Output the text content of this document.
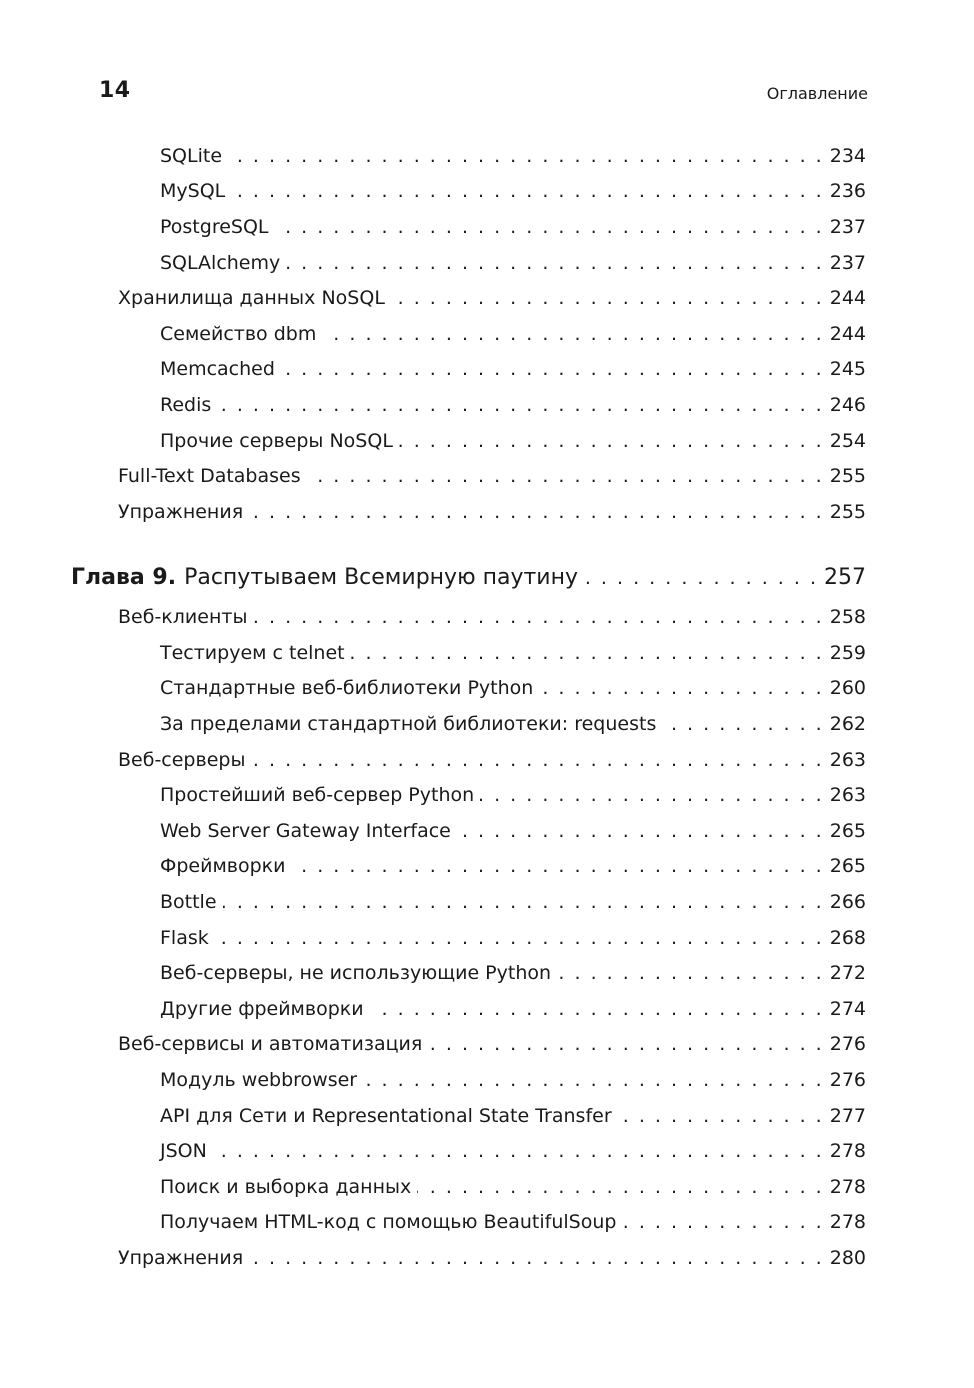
14	Оглавление
SQLite . . .	234
MySQL . . .	236
PostgreSQL . . .	237
SQLAlchemy . . .	237
Хранилища данных NoSQL . . .	244
Семейство dbm . . .	244
Memcached . . .	245
Redis . . .	246
Прочие серверы NoSQL . . .	254
Full-Text Databases . . .	255
Упражнения . . .	255
Глава 9. Распутываем Всемирную паутину . . .	257
Веб-клиенты . . .	258
Тестируем с telnet . . .	259
Стандартные веб-библиотеки Python . . .	260
За пределами стандартной библиотеки: requests . . .	262
Веб-серверы . . .	263
Простейший веб-сервер Python . . .	263
Web Server Gateway Interface . . .	265
Фреймворки . . .	265
Bottle . . .	266
Flask . . .	268
Веб-серверы, не использующие Python . . .	272
Другие фреймворки . . .	274
Веб-сервисы и автоматизация . . .	276
Модуль webbrowser . . .	276
API для Сети и Representational State Transfer . . .	277
JSON . . .	278
Поиск и выборка данных . . .	278
Получаем HTML-код с помощью BeautifulSoup . . .	278
Упражнения . . .	280
